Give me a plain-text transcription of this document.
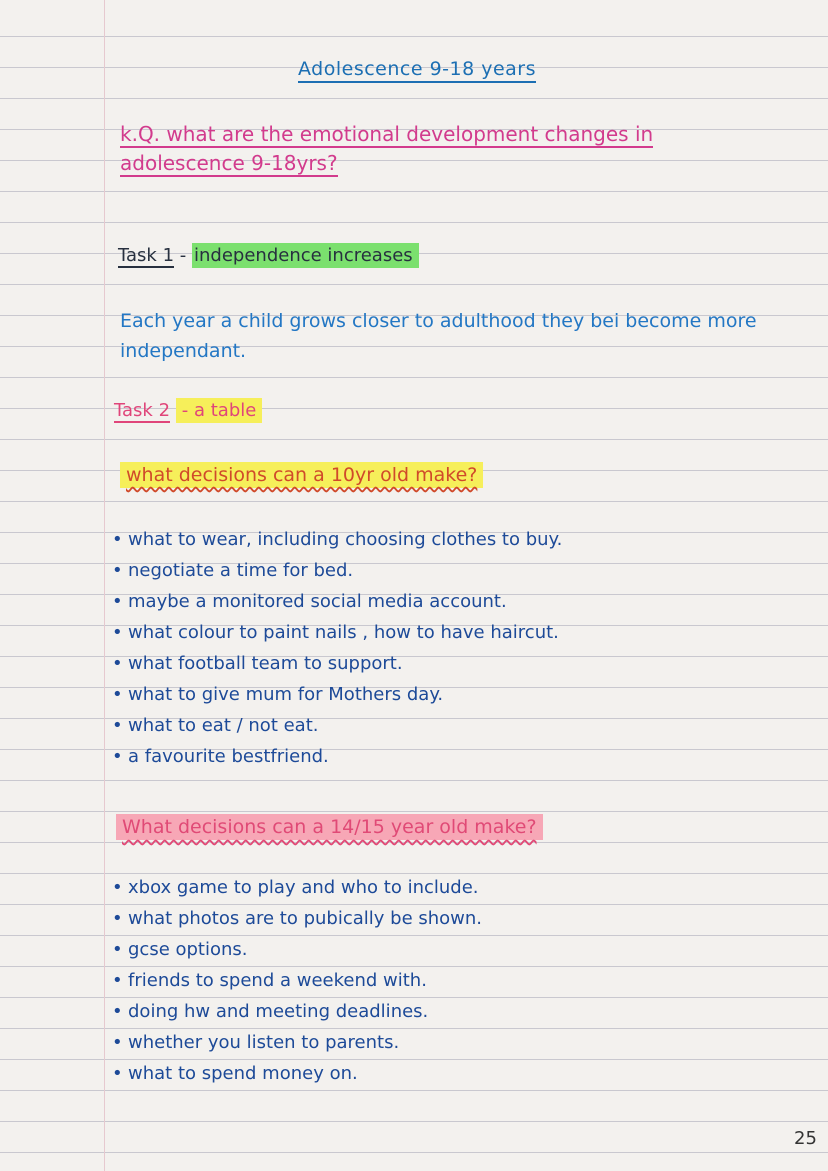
Adolescence 9-18 years
k.Q. what are the emotional development changes in adolescence 9-18yrs?
Task 1 - independence increases
Each year a child grows closer to adulthood they bei become more independant.
Task 2 - a table
what decisions can a 10yr old make?
• what to wear, including choosing clothes to buy.
• negotiate a time for bed.
• maybe a monitored social media account.
• what colour to paint nails , how to have haircut.
• what football team to support.
• what to give mum for Mothers day.
• what to eat / not eat.
• a favourite bestfriend.
What decisions can a 14/15 year old make?
• xbox game to play and who to include.
• what photos are to pubically be shown.
• gcse options.
• friends to spend a weekend with.
• doing hw and meeting deadlines.
• whether you listen to parents.
• what to spend money on.
25
